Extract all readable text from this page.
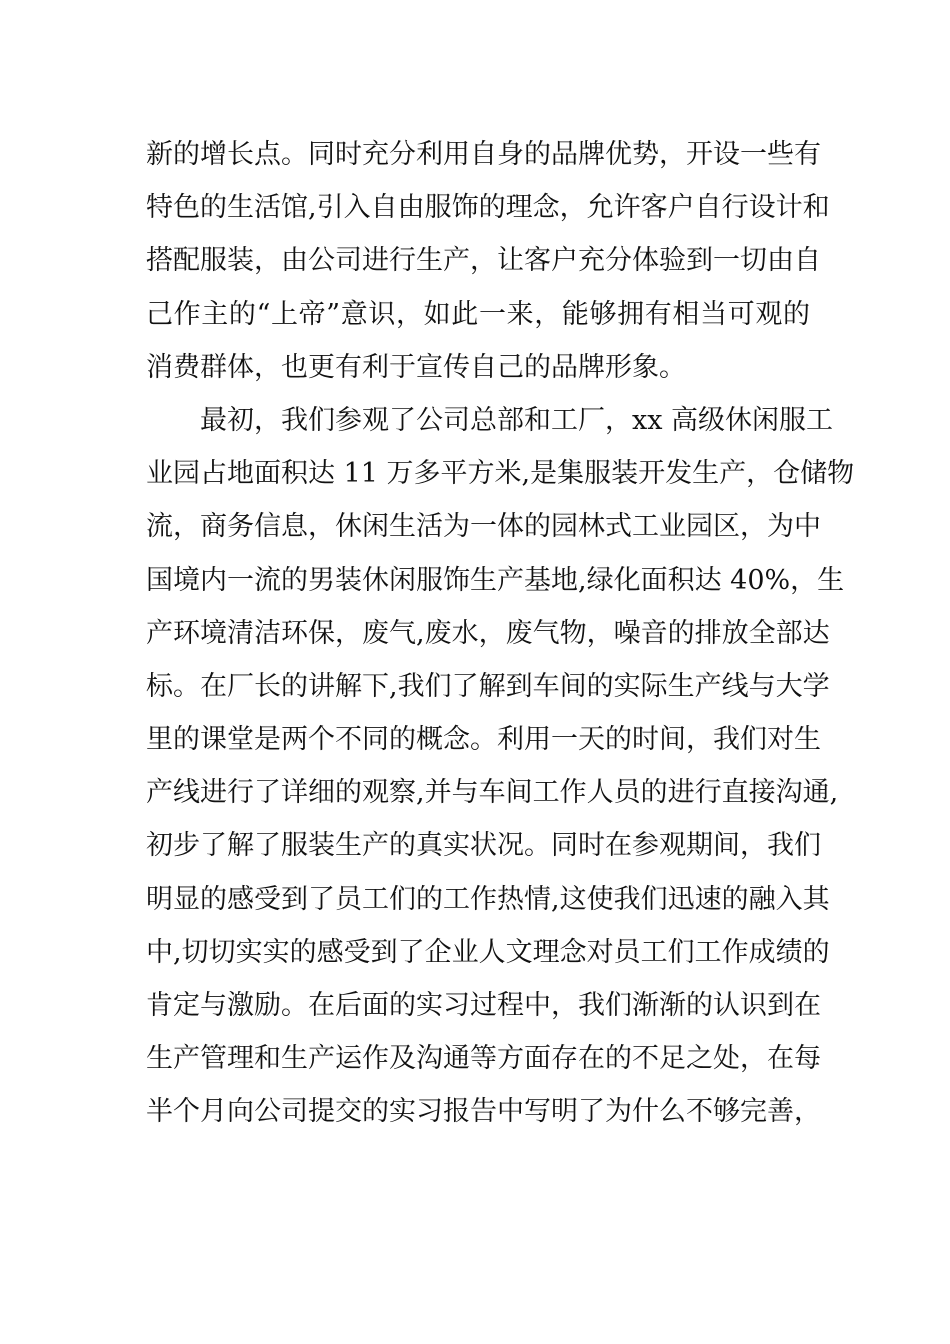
新的增长点。同时充分利用自身的品牌优势，开设一些有
特色的生活馆,引入自由服饰的理念，允许客户自行设计和
搭配服装，由公司进行生产，让客户充分体验到一切由自
己作主的“上帝”意识，如此一来，能够拥有相当可观的
消费群体，也更有利于宣传自己的品牌形象。
最初，我们参观了公司总部和工厂，xx 高级休闲服工
业园占地面积达 11 万多平方米,是集服装开发生产，仓储物
流，商务信息，休闲生活为一体的园林式工业园区，为中
国境内一流的男装休闲服饰生产基地,绿化面积达 40%，生
产环境清洁环保，废气,废水，废气物，噪音的排放全部达
标。在厂长的讲解下,我们了解到车间的实际生产线与大学
里的课堂是两个不同的概念。利用一天的时间，我们对生
产线进行了详细的观察,并与车间工作人员的进行直接沟通,
初步了解了服装生产的真实状况。同时在参观期间，我们
明显的感受到了员工们的工作热情,这使我们迅速的融入其
中,切切实实的感受到了企业人文理念对员工们工作成绩的
肯定与激励。在后面的实习过程中，我们渐渐的认识到在
生产管理和生产运作及沟通等方面存在的不足之处，在每
半个月向公司提交的实习报告中写明了为什么不够完善，
